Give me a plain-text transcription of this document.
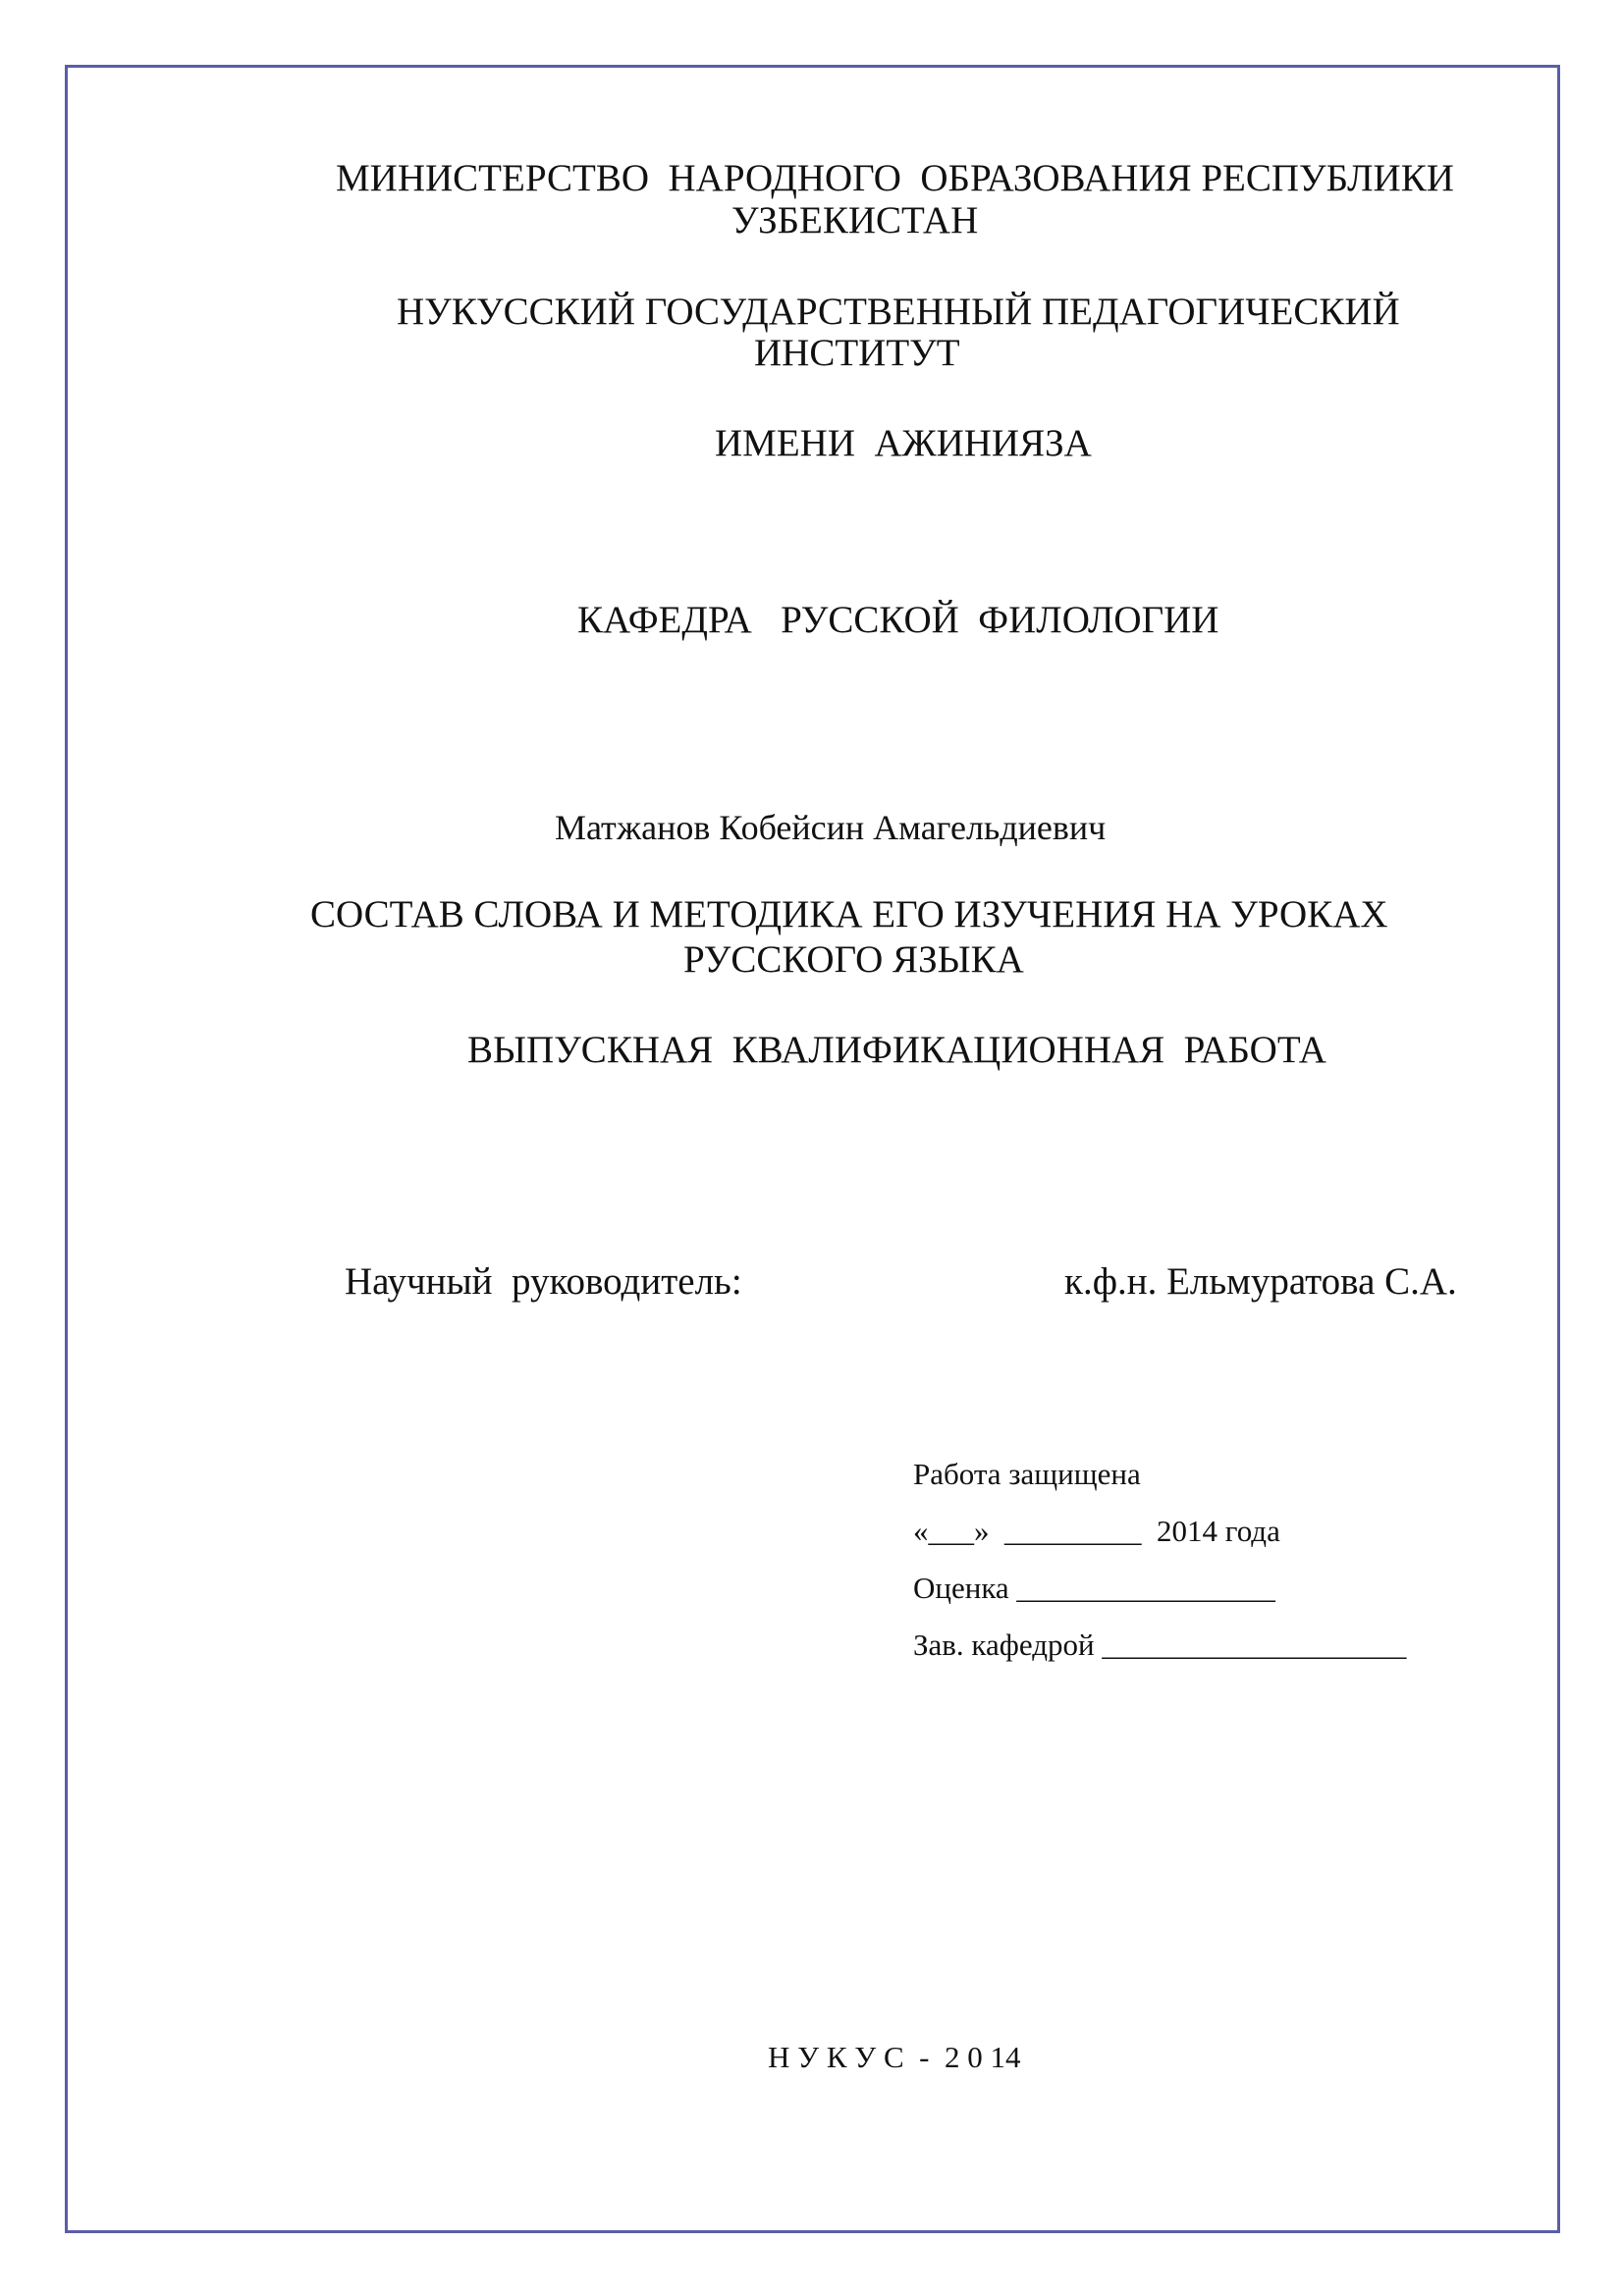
МИНИСТЕРСТВО  НАРОДНОГО  ОБРАЗОВАНИЯ РЕСПУБЛИКИ
УЗБЕКИСТАН
НУКУССКИЙ ГОСУДАРСТВЕННЫЙ ПЕДАГОГИЧЕСКИЙ
ИНСТИТУТ
ИМЕНИ  АЖИНИЯЗА
КАФЕДРА   РУССКОЙ  ФИЛОЛОГИИ
Матжанов Кобейсин Амагельдиевич
СОСТАВ СЛОВА И МЕТОДИКА ЕГО ИЗУЧЕНИЯ НА УРОКАХ
РУССКОГО ЯЗЫКА
ВЫПУСКНАЯ  КВАЛИФИКАЦИОННАЯ  РАБОТА
Научный  руководитель:	к.ф.н. Ельмуратова С.А.
Работа защищена
«___»  _________  2014 года
Оценка _________________
Зав. кафедрой ____________________
Н У К У С  -  2 0 14
